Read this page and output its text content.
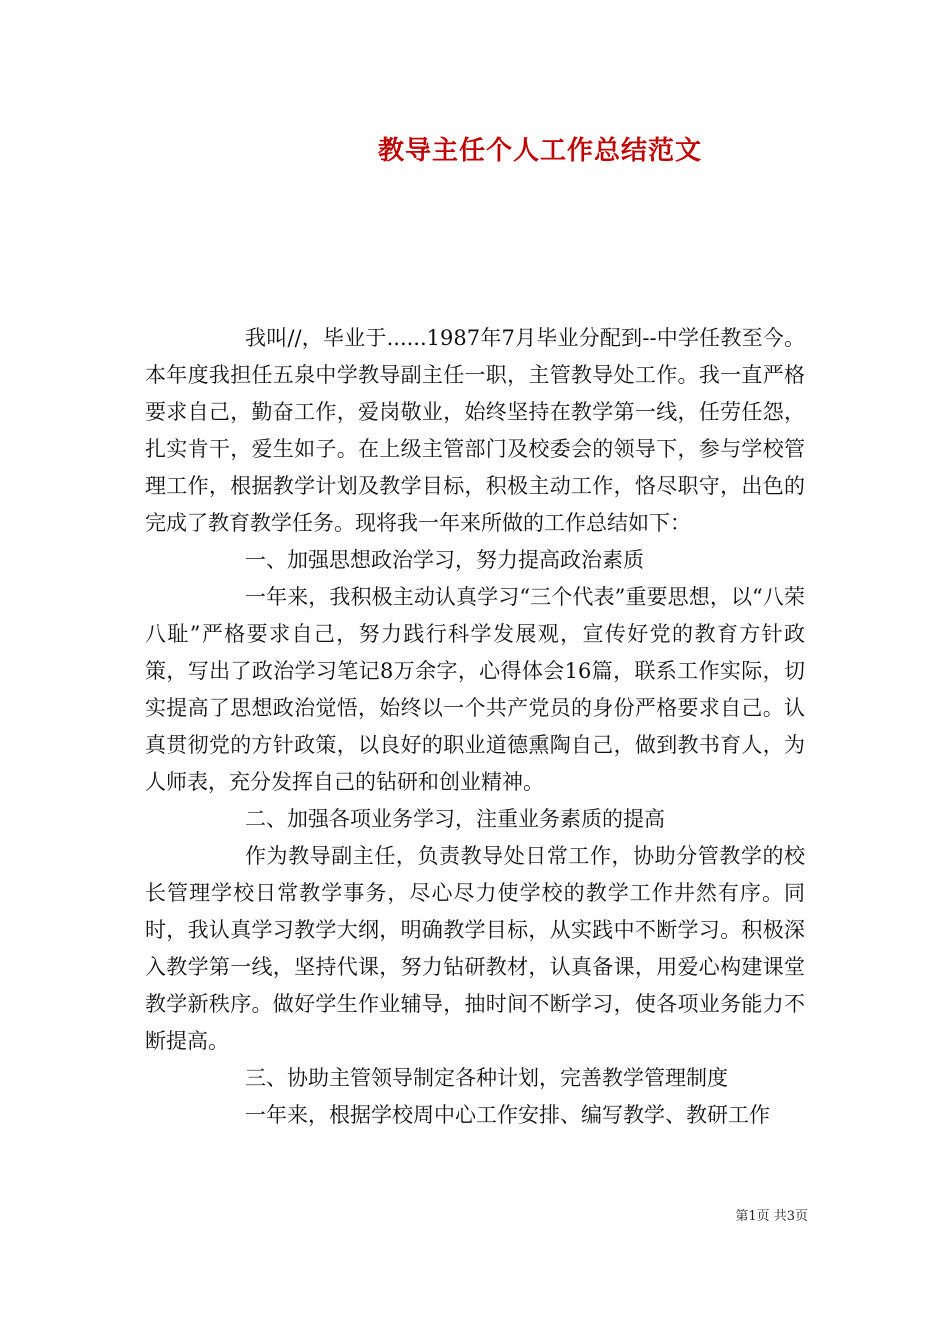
教导主任个人工作总结范文

我叫//，毕业于......1987年7月毕业分配到--中学任教至今。本年度我担任五泉中学教导副主任一职，主管教导处工作。我一直严格要求自己，勤奋工作，爱岗敬业，始终坚持在教学第一线，任劳任怨，扎实肯干，爱生如子。在上级主管部门及校委会的领导下，参与学校管理工作，根据教学计划及教学目标，积极主动工作，恪尽职守，出色的完成了教育教学任务。现将我一年来所做的工作总结如下：

一、加强思想政治学习，努力提高政治素质

一年来，我积极主动认真学习“三个代表”重要思想，以“八荣八耻”严格要求自己，努力践行科学发展观，宣传好党的教育方针政策，写出了政治学习笔记8万余字，心得体会16篇，联系工作实际，切实提高了思想政治觉悟，始终以一个共产党员的身份严格要求自己。认真贯彻党的方针政策，以良好的职业道德熏陶自己，做到教书育人，为人师表，充分发挥自己的钻研和创业精神。

二、加强各项业务学习，注重业务素质的提高

作为教导副主任，负责教导处日常工作，协助分管教学的校长管理学校日常教学事务，尽心尽力使学校的教学工作井然有序。同时，我认真学习教学大纲，明确教学目标，从实践中不断学习。积极深入教学第一线，坚持代课，努力钻研教材，认真备课，用爱心构建课堂教学新秩序。做好学生作业辅导，抽时间不断学习，使各项业务能力不断提高。

三、协助主管领导制定各种计划，完善教学管理制度

一年来，根据学校周中心工作安排、编写教学、教研工作

第1页 共3页
